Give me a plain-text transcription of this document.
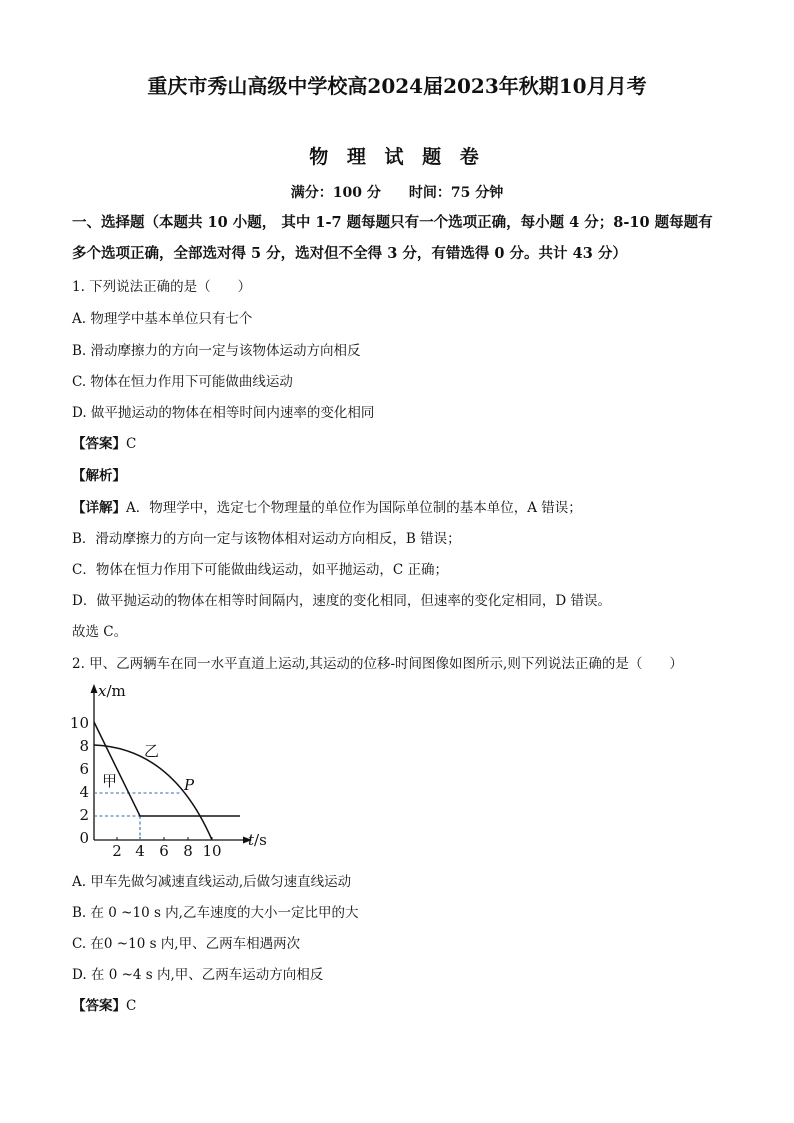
重庆市秀山高级中学校高2024届2023年秋期10月月考
物 理 试 题 卷
满分：100 分　　时间：75 分钟
一、选择题（本题共 10 小题， 其中 1-7 题每题只有一个选项正确，每小题 4 分；8-10 题每题有多个选项正确，全部选对得 5 分，选对但不全得 3 分，有错选得 0 分。共计 43 分）
1. 下列说法正确的是（　　）
A. 物理学中基本单位只有七个
B. 滑动摩擦力的方向一定与该物体运动方向相反
C. 物体在恒力作用下可能做曲线运动
D. 做平抛运动的物体在相等时间内速率的变化相同
【答案】C
【解析】
【详解】A．物理学中，选定七个物理量的单位作为国际单位制的基本单位，A 错误；
B．滑动摩擦力的方向一定与该物体相对运动方向相反，B 错误；
C．物体在恒力作用下可能做曲线运动，如平抛运动，C 正确；
D．做平抛运动的物体在相等时间隔内，速度的变化相同，但速率的变化定相同，D 错误。
故选 C。
2. 甲、乙两辆车在同一水平直道上运动,其运动的位移-时间图像如图所示,则下列说法正确的是（　　）
x/m
t/s
10
8
6
4
2
0
2 4 6 8 10
甲
乙
P
A. 甲车先做匀减速直线运动,后做匀速直线运动
B. 在 0 ~10 s 内,乙车速度的大小一定比甲的大
C. 在0 ~10 s 内,甲、乙两车相遇两次
D. 在 0 ~4 s 内,甲、乙两车运动方向相反
【答案】C
